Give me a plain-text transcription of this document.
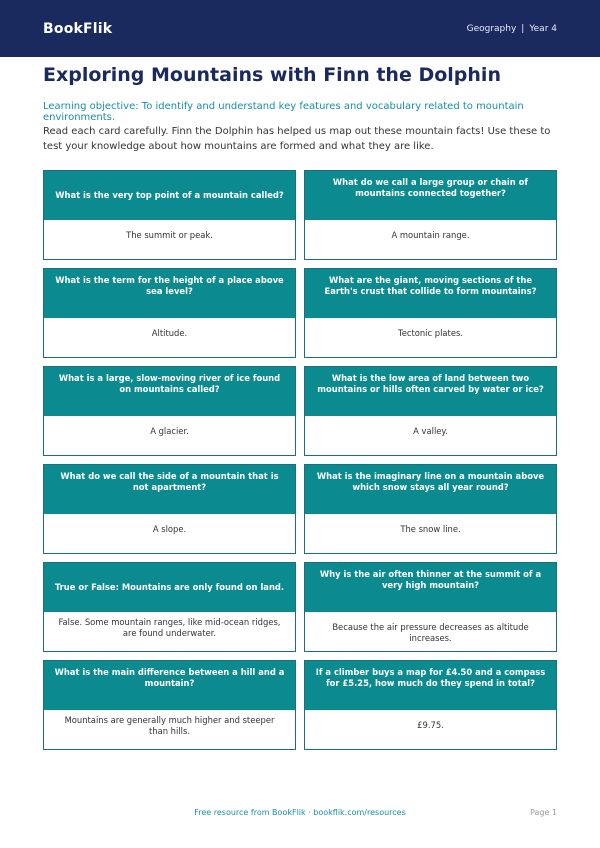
BookFlik	Geography | Year 4
Exploring Mountains with Finn the Dolphin

Learning objective: To identify and understand key features and vocabulary related to mountain environments.

Read each card carefully. Finn the Dolphin has helped us map out these mountain facts! Use these to test your knowledge about how mountains are formed and what they are like.

What is the very top point of a mountain called?
The summit or peak.
What do we call a large group or chain of mountains connected together?
A mountain range.
What is the term for the height of a place above sea level?
Altitude.
What are the giant, moving sections of the Earth's crust that collide to form mountains?
Tectonic plates.
What is a large, slow-moving river of ice found on mountains called?
A glacier.
What is the low area of land between two mountains or hills often carved by water or ice?
A valley.
What do we call the side of a mountain that is not apartment?
A slope.
What is the imaginary line on a mountain above which snow stays all year round?
The snow line.
True or False: Mountains are only found on land.
False. Some mountain ranges, like mid-ocean ridges, are found underwater.
Why is the air often thinner at the summit of a very high mountain?
Because the air pressure decreases as altitude increases.
What is the main difference between a hill and a mountain?
Mountains are generally much higher and steeper than hills.
If a climber buys a map for £4.50 and a compass for £5.25, how much do they spend in total?
£9.75.
Free resource from BookFlik · bookflik.com/resources	Page 1
